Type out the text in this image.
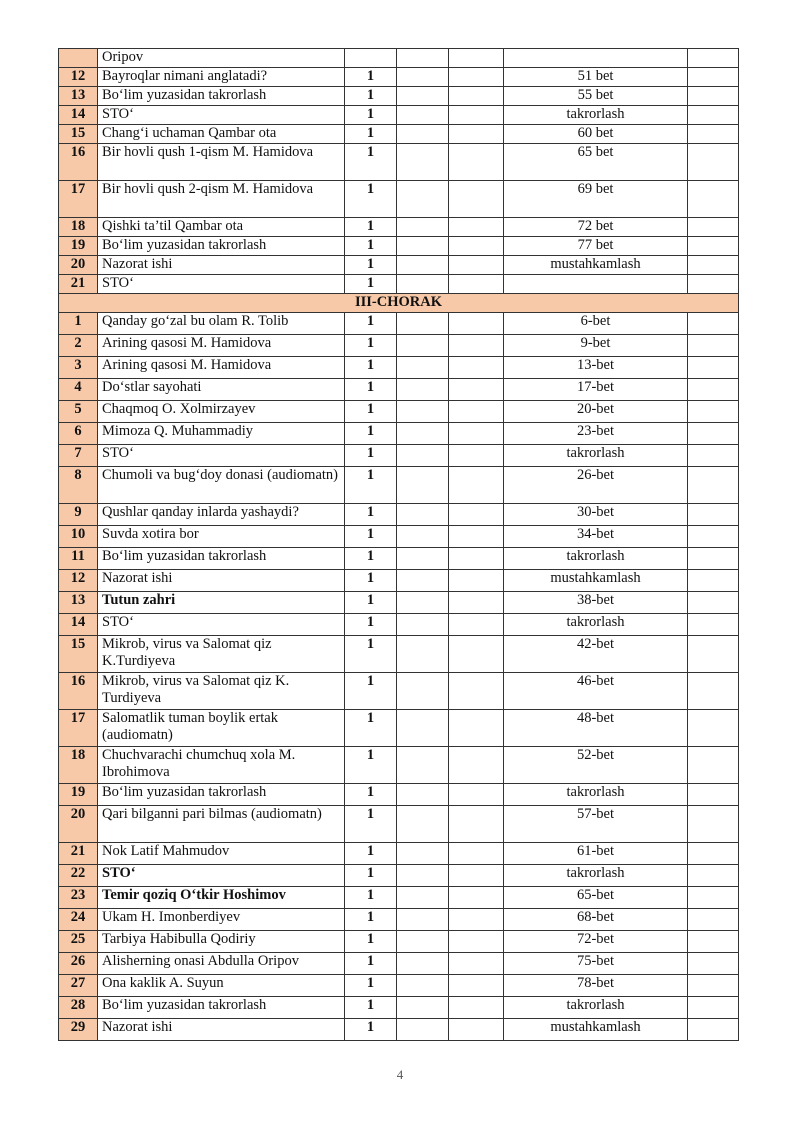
	Oripov					
12	Bayroqlar nimani anglatadi?	1			51 bet	
13	Bo‘lim yuzasidan takrorlash	1			55 bet	
14	STO‘	1			takrorlash	
15	Chang‘i uchaman Qambar ota	1			60 bet	
16	Bir hovli qush 1-qism M. Hamidova	1			65 bet	
17	Bir hovli qush 2-qism M. Hamidova	1			69 bet	
18	Qishki ta’til Qambar ota	1			72 bet	
19	Bo‘lim yuzasidan takrorlash	1			77 bet	
20	Nazorat ishi	1			mustahkamlash	
21	STO‘	1				
III-CHORAK						
1	Qanday go‘zal bu olam R. Tolib	1			6-bet	
2	Arining qasosi M. Hamidova	1			9-bet	
3	Arining qasosi M. Hamidova	1			13-bet	
4	Do‘stlar sayohati	1			17-bet	
5	Chaqmoq O. Xolmirzayev	1			20-bet	
6	Mimoza Q. Muhammadiy	1			23-bet	
7	STO‘	1			takrorlash	
8	Chumoli va bug‘doy donasi (audiomatn)	1			26-bet	
9	Qushlar qanday inlarda yashaydi?	1			30-bet	
10	Suvda xotira bor	1			34-bet	
11	Bo‘lim yuzasidan takrorlash	1			takrorlash	
12	Nazorat ishi	1			mustahkamlash	
13	Tutun zahri	1			38-bet	
14	STO‘	1			takrorlash	
15	Mikrob, virus va Salomat qiz K.Turdiyeva	1			42-bet	
16	Mikrob, virus va Salomat qiz K. Turdiyeva	1			46-bet	
17	Salomatlik tuman boylik ertak (audiomatn)	1			48-bet	
18	Chuchvarachi chumchuq xola M. Ibrohimova	1			52-bet	
19	Bo‘lim yuzasidan takrorlash	1			takrorlash	
20	Qari bilganni pari bilmas (audiomatn)	1			57-bet	
21	Nok Latif Mahmudov	1			61-bet	
22	STO‘	1			takrorlash	
23	Temir qoziq O‘tkir Hoshimov	1			65-bet	
24	Ukam H. Imonberdiyev	1			68-bet	
25	Tarbiya Habibulla Qodiriy	1			72-bet	
26	Alisherning onasi Abdulla Oripov	1			75-bet	
27	Ona kaklik A. Suyun	1			78-bet	
28	Bo‘lim yuzasidan takrorlash	1			takrorlash	
29	Nazorat ishi	1			mustahkamlash	
4
